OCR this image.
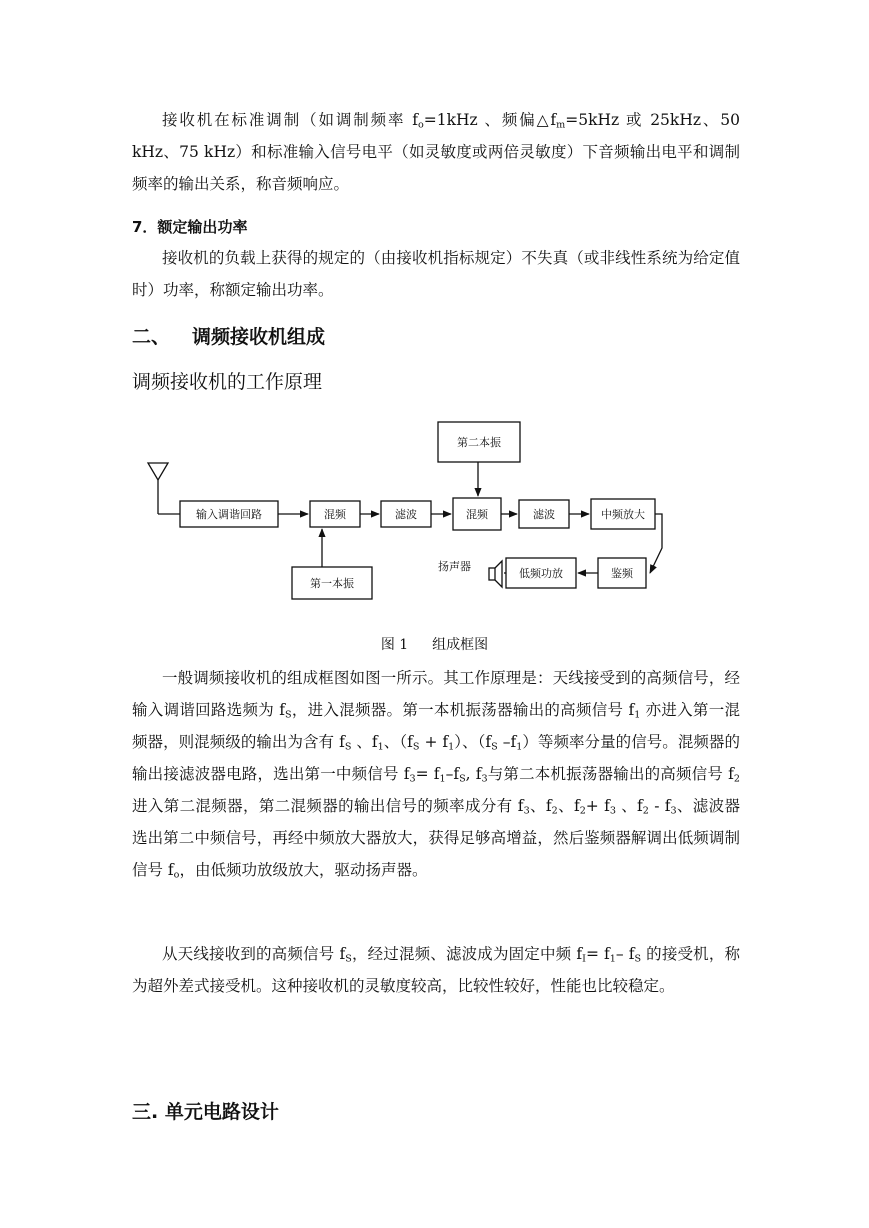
接收机在标准调制（如调制频率 $f_o=1kHz$ 、频偏$\triangle f_m=5kHz$ 或 25kHz、50 kHz、75 kHz）和标准输入信号电平（如灵敏度或两倍灵敏度）下音频输出电平和调制频率的输出关系，称音频响应。

7．额定输出功率

接收机的负载上获得的规定的（由接收机指标规定）不失真（或非线性系统为给定值时）功率，称额定输出功率。

二、 调频接收机组成

调频接收机的工作原理

输入调谐回路	混频	滤波	混频	滤波	中频放大
第一本振
第二本振
鉴频
低频功放
扬声器

图 1 组成框图

一般调频接收机的组成框图如图一所示。其工作原理是：天线接受到的高频信号，经输入调谐回路选频为 $f_S$，进入混频器。第一本机振荡器输出的高频信号 $f_1$ 亦进入第一混频器，则混频级的输出为含有 $f_S$ 、$f_1$、$(f_S + f_1)$、（$f_S$ $-f_1$）等频率分量的信号。混频器的输出接滤波器电路，选出第一中频信号 $f_3= f_1-f_S$, $f_3$与第二本机振荡器输出的高频信号 $f_2$进入第二混频器，第二混频器的输出信号的频率成分有 $f_3$、$f_2$、$f_2+ f_3$ 、$f_2 - f_3$、滤波器选出第二中频信号，再经中频放大器放大，获得足够高增益，然后鉴频器解调出低频调制信号 $f_o$，由低频功放级放大，驱动扬声器。

从天线接收到的高频信号 $f_S$，经过混频、滤波成为固定中频 $f_I= f_1-$ $f_S$ 的接受机，称为超外差式接受机。这种接收机的灵敏度较高，比较性较好，性能也比较稳定。

三. 单元电路设计
